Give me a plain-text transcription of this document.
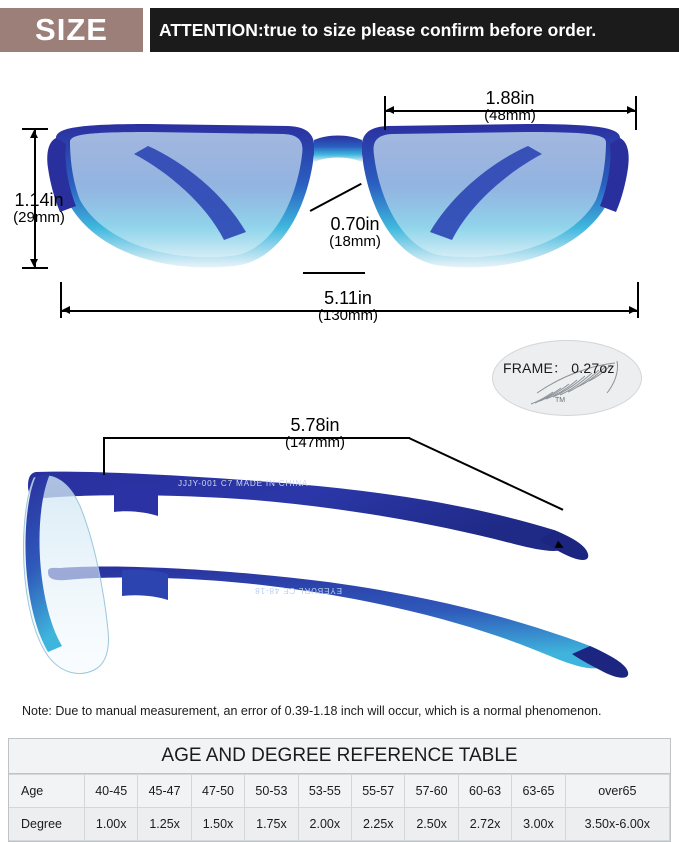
SIZE	ATTENTION:true to size please confirm before order.
1.88in
(48mm)
1.14in
(29mm)	0.70in
(18mm)
5.11in
(130mm)
FRAME： 0.27oz
TM
JJJY-001 C7 MADE IN CHINA
EYEBURL CE 48-18
5.78in
(147mm)
Note: Due to manual measurement, an error of 0.39-1.18 inch will occur, which is a normal phenomenon.
AGE AND DEGREE REFERENCE TABLE
Age	40-45	45-47	47-50	50-53	53-55	55-57	57-60	60-63	63-65	over65
Degree	1.00x	1.25x	1.50x	1.75x	2.00x	2.25x	2.50x	2.72x	3.00x	3.50x-6.00x
